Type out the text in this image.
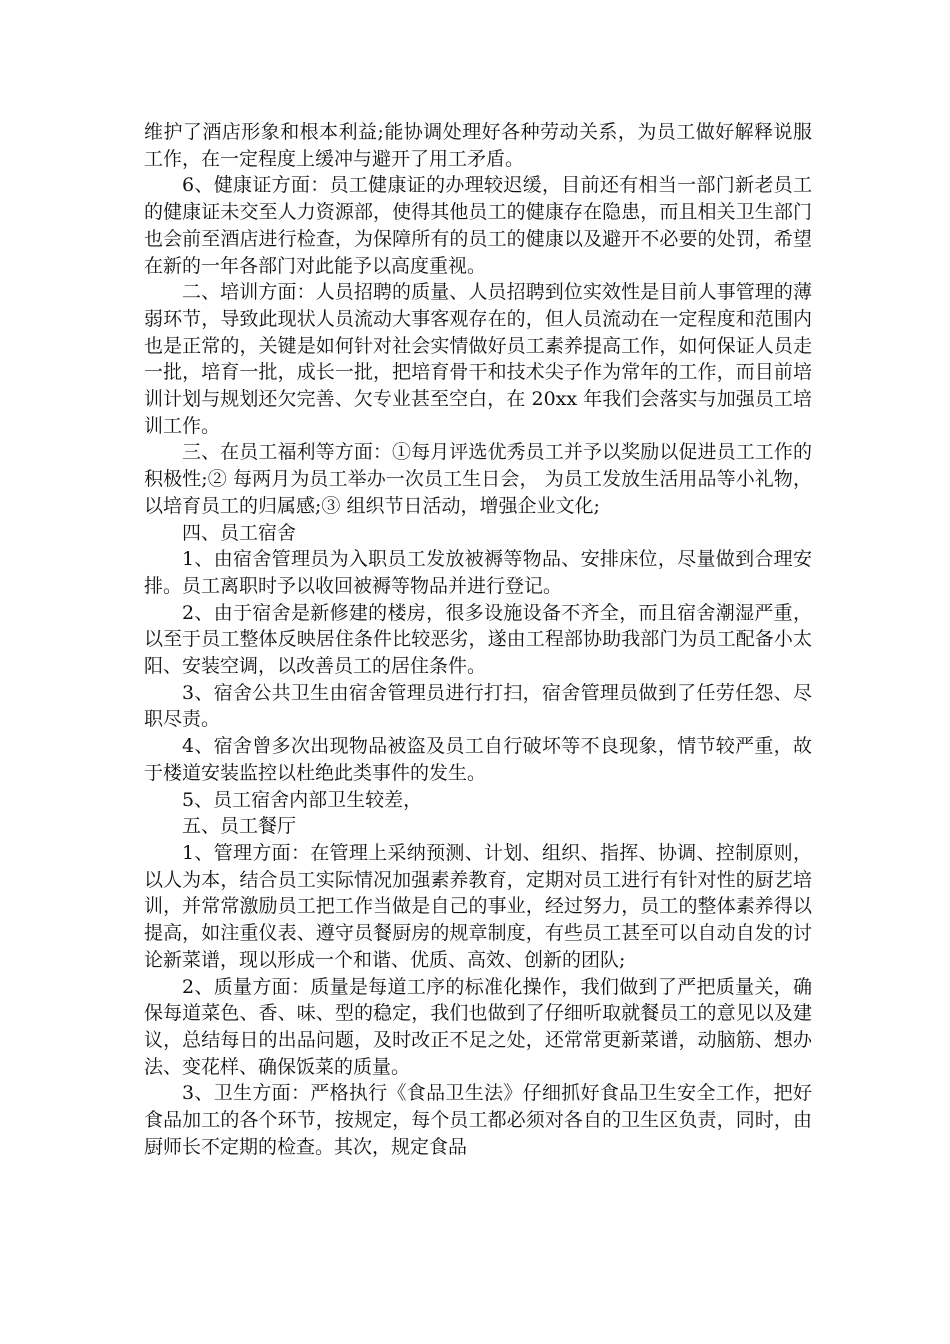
维护了酒店形象和根本利益;能协调处理好各种劳动关系，为员工做好解释说服工作，在一定程度上缓冲与避开了用工矛盾。

6、健康证方面：员工健康证的办理较迟缓，目前还有相当一部门新老员工的健康证未交至人力资源部，使得其他员工的健康存在隐患，而且相关卫生部门也会前至酒店进行检查，为保障所有的员工的健康以及避开不必要的处罚，希望在新的一年各部门对此能予以高度重视。

二、培训方面：人员招聘的质量、人员招聘到位实效性是目前人事管理的薄弱环节，导致此现状人员流动大事客观存在的，但人员流动在一定程度和范围内也是正常的，关键是如何针对社会实情做好员工素养提高工作，如何保证人员走一批，培育一批，成长一批，把培育骨干和技术尖子作为常年的工作，而目前培训计划与规划还欠完善、欠专业甚至空白，在 20xx 年我们会落实与加强员工培训工作。

三、在员工福利等方面：①每月评选优秀员工并予以奖励以促进员工工作的积极性;② 每两月为员工举办一次员工生日会， 为员工发放生活用品等小礼物，以培育员工的归属感;③ 组织节日活动，增强企业文化;

四、员工宿舍

1、由宿舍管理员为入职员工发放被褥等物品、安排床位，尽量做到合理安排。员工离职时予以收回被褥等物品并进行登记。

2、由于宿舍是新修建的楼房，很多设施设备不齐全，而且宿舍潮湿严重，以至于员工整体反映居住条件比较恶劣，遂由工程部协助我部门为员工配备小太阳、安装空调，以改善员工的居住条件。

3、宿舍公共卫生由宿舍管理员进行打扫，宿舍管理员做到了任劳任怨、尽职尽责。

4、宿舍曾多次出现物品被盗及员工自行破坏等不良现象，情节较严重，故于楼道安装监控以杜绝此类事件的发生。

5、员工宿舍内部卫生较差，

五、员工餐厅

1、管理方面：在管理上采纳预测、计划、组织、指挥、协调、控制原则，以人为本，结合员工实际情况加强素养教育，定期对员工进行有针对性的厨艺培训，并常常激励员工把工作当做是自己的事业，经过努力，员工的整体素养得以提高，如注重仪表、遵守员餐厨房的规章制度，有些员工甚至可以自动自发的讨论新菜谱，现以形成一个和谐、优质、高效、创新的团队;

2、质量方面：质量是每道工序的标准化操作，我们做到了严把质量关，确保每道菜色、香、味、型的稳定，我们也做到了仔细听取就餐员工的意见以及建议，总结每日的出品问题，及时改正不足之处，还常常更新菜谱，动脑筋、想办法、变花样、确保饭菜的质量。

3、卫生方面：严格执行《食品卫生法》仔细抓好食品卫生安全工作，把好食品加工的各个环节，按规定，每个员工都必须对各自的卫生区负责，同时，由厨师长不定期的检查。其次，规定食品
